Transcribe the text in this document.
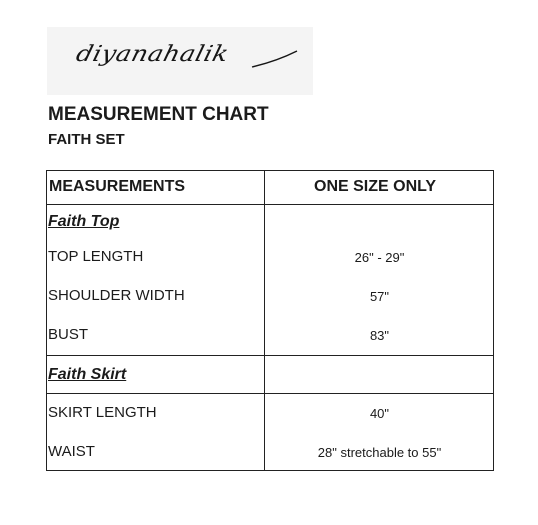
diyanahalik
MEASUREMENT CHART
FAITH SET
MEASUREMENTS	ONE SIZE ONLY
Faith Top
TOP LENGTH	26" - 29"
SHOULDER WIDTH	57"
BUST	83"
Faith Skirt
SKIRT LENGTH	40"
WAIST	28" stretchable to 55"
